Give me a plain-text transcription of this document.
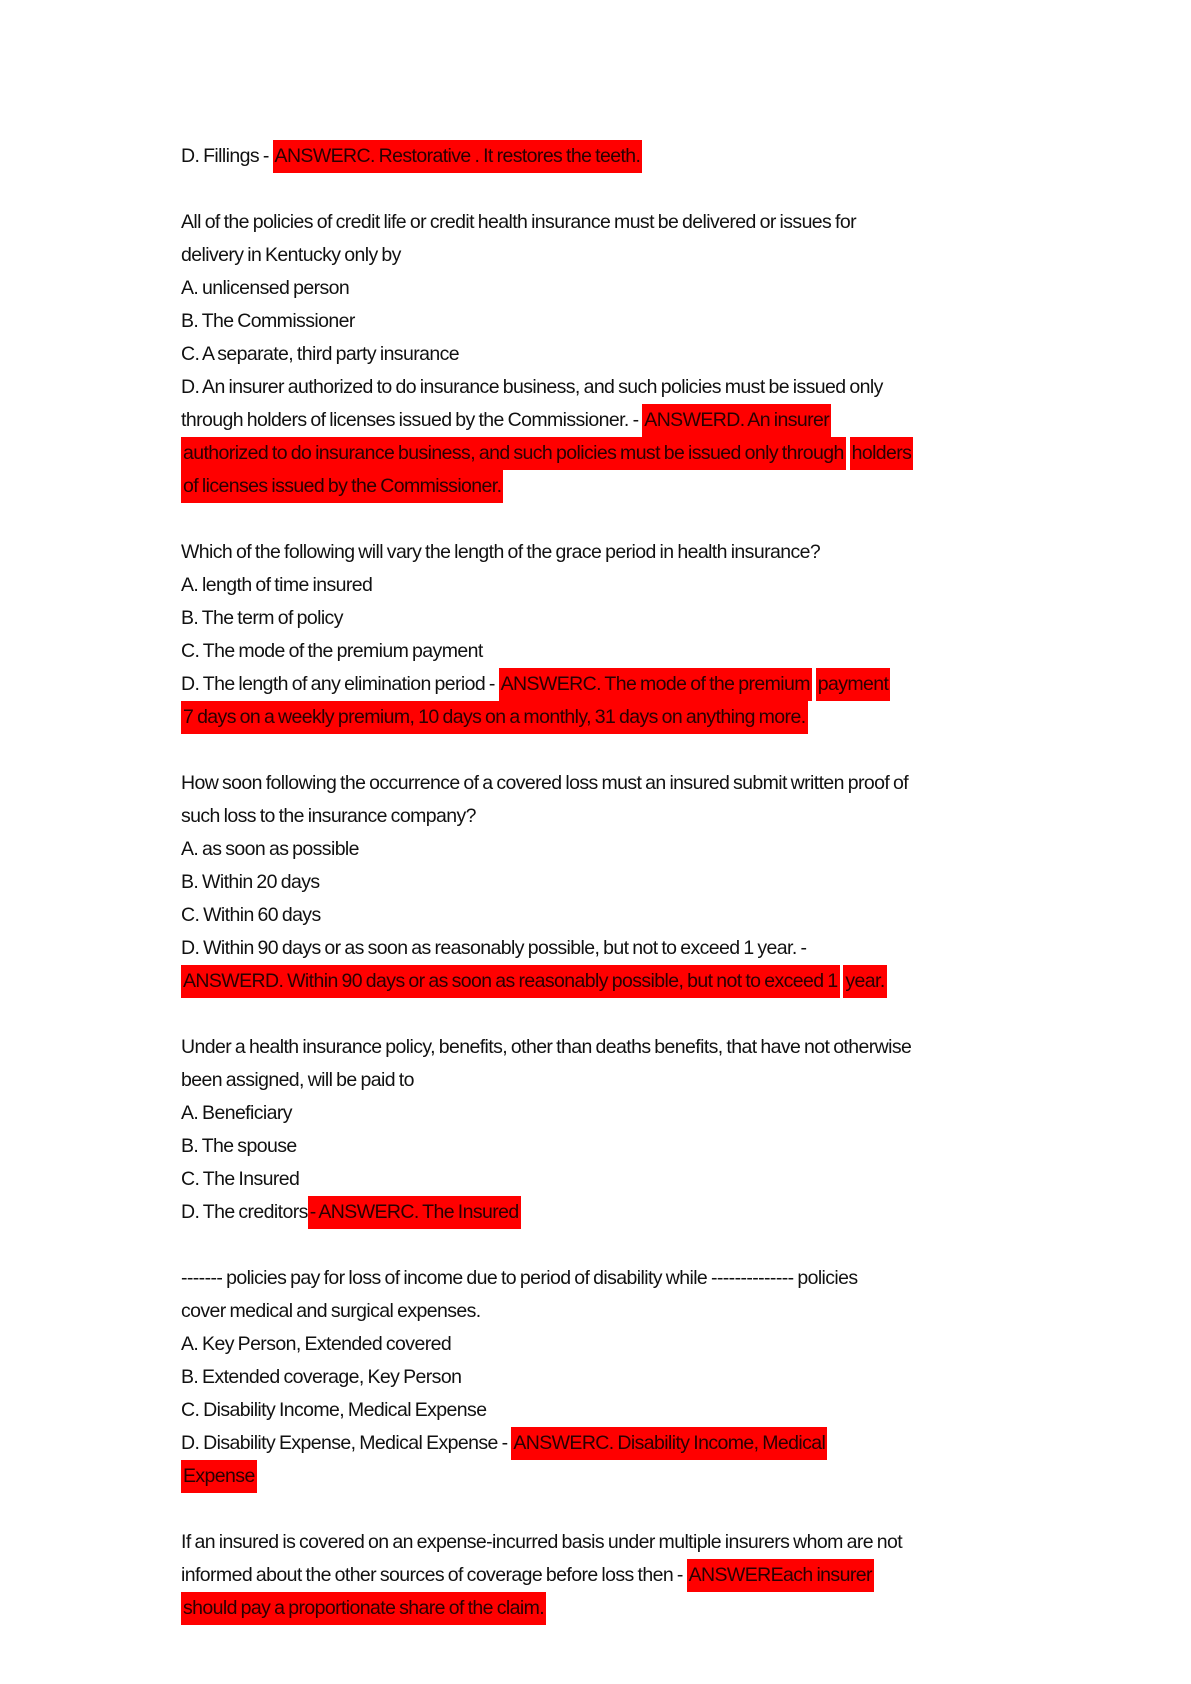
D. Fillings - ANSWERC. Restorative . It restores the teeth.
All of the policies of credit life or credit health insurance must be delivered or issues for
delivery in Kentucky only by
A. unlicensed person
B. The Commissioner
C. A separate, third party insurance
D. An insurer authorized to do insurance business, and such policies must be issued only
through holders of licenses issued by the Commissioner. - ANSWERD. An insurer
authorized to do insurance business, and such policies must be issued only through holders
of licenses issued by the Commissioner.
Which of the following will vary the length of the grace period in health insurance?
A. length of time insured
B. The term of policy
C. The mode of the premium payment
D. The length of any elimination period - ANSWERC. The mode of the premium payment
7 days on a weekly premium, 10 days on a monthly, 31 days on anything more.
How soon following the occurrence of a covered loss must an insured submit written proof of
such loss to the insurance company?
A. as soon as possible
B. Within 20 days
C. Within 60 days
D. Within 90 days or as soon as reasonably possible, but not to exceed 1 year. -
ANSWERD. Within 90 days or as soon as reasonably possible, but not to exceed 1 year.
Under a health insurance policy, benefits, other than deaths benefits, that have not otherwise
been assigned, will be paid to
A. Beneficiary
B. The spouse
C. The Insured
D. The creditors- ANSWERC. The Insured
------- policies pay for loss of income due to period of disability while -------------- policies
cover medical and surgical expenses.
A. Key Person, Extended covered
B. Extended coverage, Key Person
C. Disability Income, Medical Expense
D. Disability Expense, Medical Expense - ANSWERC. Disability Income, Medical
Expense
If an insured is covered on an expense-incurred basis under multiple insurers whom are not
informed about the other sources of coverage before loss then - ANSWEREach insurer
should pay a proportionate share of the claim.
